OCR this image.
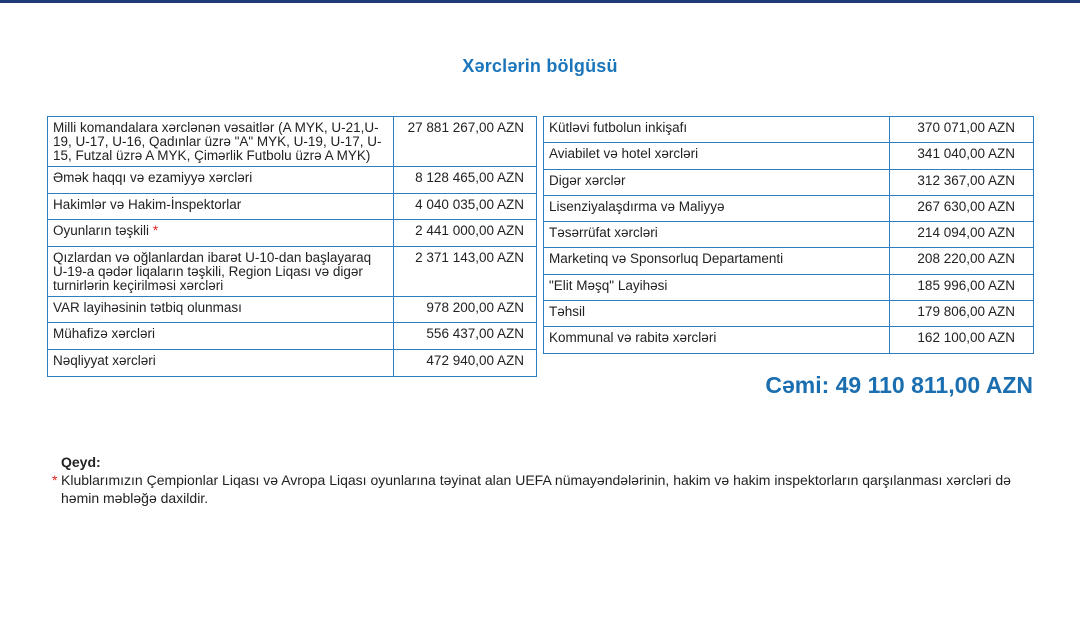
Xərclərin bölgüsü
Milli komandalara xərclənən vəsaitlər (A MYK, U-21,U-19, U-17, U-16, Qadınlar üzrə "A" MYK, U-19, U-17, U-15, Futzal üzrə A MYK, Çimərlik Futbolu üzrə A MYK)	27 881 267,00 AZN
Əmək haqqı və ezamiyyə xərcləri	8 128 465,00 AZN
Hakimlər və Hakim-İnspektorlar	4 040 035,00 AZN
Oyunların təşkili *	2 441 000,00 AZN
Qızlardan və oğlanlardan ibarət U-10-dan başlayaraq U-19-a qədər liqaların təşkili, Region Liqası və digər turnirlərin keçirilməsi xərcləri	2 371 143,00 AZN
VAR layihəsinin tətbiq olunması	978 200,00 AZN
Mühafizə xərcləri	556 437,00 AZN
Nəqliyyat xərcləri	472 940,00 AZN
Kütləvi futbolun inkişafı	370 071,00 AZN
Aviabilet və hotel xərcləri	341 040,00 AZN
Digər xərclər	312 367,00 AZN
Lisenziyalaşdırma və Maliyyə	267 630,00 AZN
Təsərrüfat xərcləri	214 094,00 AZN
Marketinq və Sponsorluq Departamenti	208 220,00 AZN
"Elit Məşq" Layihəsi	185 996,00 AZN
Təhsil	179 806,00 AZN
Kommunal və rabitə xərcləri	162 100,00 AZN
Cəmi: 49 110 811,00 AZN
Qeyd:
* Klublarımızın Çempionlar Liqası və Avropa Liqası oyunlarına təyinat alan UEFA nümayəndələrinin, hakim və hakim inspektorların qarşılanması xərcləri də həmin məbləğə daxildir.
